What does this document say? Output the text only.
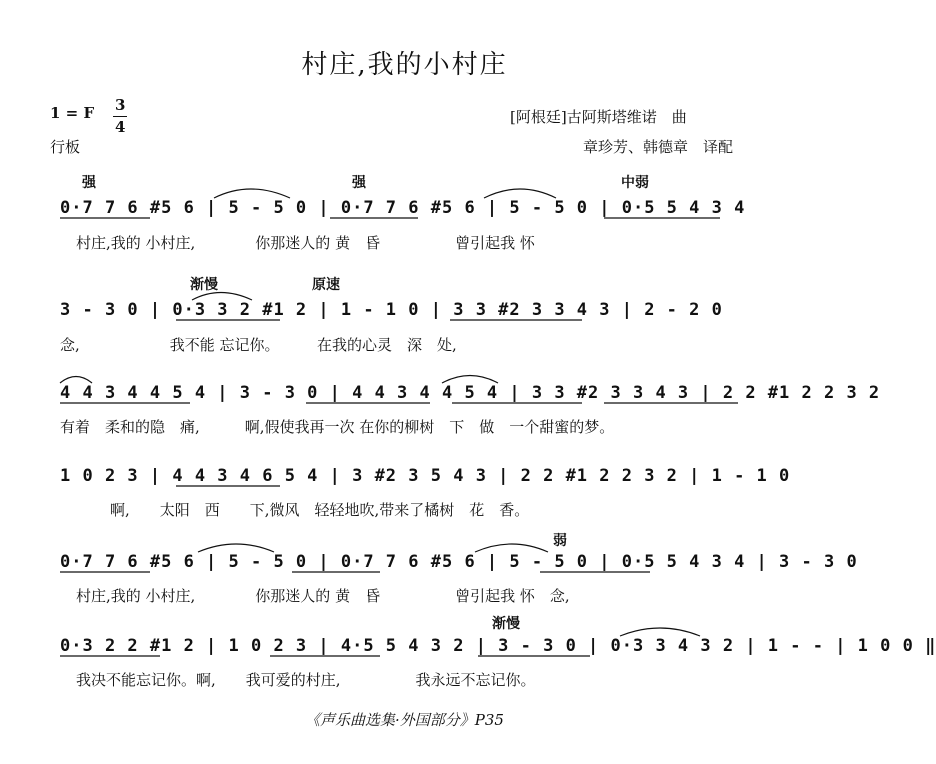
村庄,我的小村庄
1 = F 3
4
行板
[阿根廷]古阿斯塔维诺　曲
章珍芳、韩德章　译配
强	强	中弱
0·7 7 6 #5 6 | 5 - 5 0 | 0·7 7 6 #5 6 | 5 - 5 0 | 0·5 5 4 3 4
村庄,我的 小村庄,　　　　你那迷人的 黄　昏　　　　　曾引起我 怀
渐慢	原速
3 - 3 0 | 0·3 3 2 #1 2 | 1 - 1 0 | 3 3 #2 3 3 4 3 | 2 - 2 0
念,　　　　　　我不能 忘记你。　　　在我的心灵　深　处,
4 4 3 4 4 5 4 | 3 - 3 0 | 4 4 3 4 4 5 4 | 3 3 #2 3 3 4 3 | 2 2 #1 2 2 3 2
有着　柔和的隐　痛,　　　啊,假使我再一次 在你的柳树　下　做　一个甜蜜的梦。
1 0 2 3 | 4 4 3 4 6 5 4 | 3 #2 3 5 4 3 | 2 2 #1 2 2 3 2 | 1 - 1 0
啊,　　太阳　西　　下,微风　轻轻地吹,带来了橘树　花　香。
弱
0·7 7 6 #5 6 | 5 - 5 0 | 0·7 7 6 #5 6 | 5 - 5 0 | 0·5 5 4 3 4 | 3 - 3 0
村庄,我的 小村庄,　　　　你那迷人的 黄　昏　　　　　曾引起我 怀　念,
渐慢
0·3 2 2 #1 2 | 1 0 2 3 | 4·5 5 4 3 2 | 3 - 3 0 | 0·3 3 4 3 2 | 1 - - | 1 0 0 ‖
我决不能忘记你。啊,　　我可爱的村庄,　　　　　我永远不忘记你。
《声乐曲选集·外国部分》P35
